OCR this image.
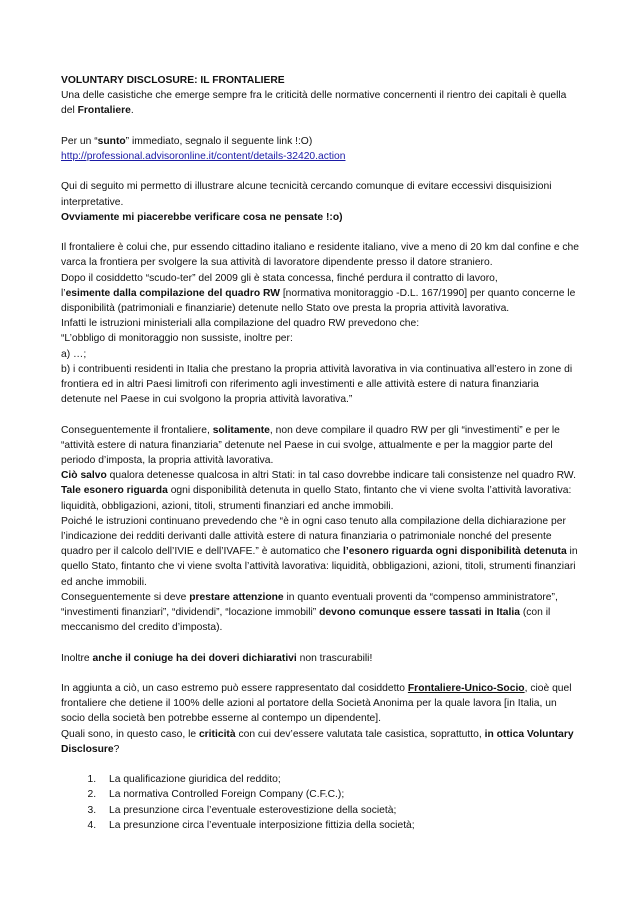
VOLUNTARY DISCLOSURE: IL FRONTALIERE

Una delle casistiche che emerge sempre fra le criticità delle normative concernenti il rientro dei capitali è quella del Frontaliere.

Per un “sunto” immediato, segnalo il seguente link !:O)

http://professional.advisoronline.it/content/details-32420.action

Qui di seguito mi permetto di illustrare alcune tecnicità cercando comunque di evitare eccessivi disquisizioni interpretative.

Ovviamente mi piacerebbe verificare cosa ne pensate !:o)

Il frontaliere è colui che, pur essendo cittadino italiano e residente italiano, vive a meno di 20 km dal confine e che varca la frontiera per svolgere la sua attività di lavoratore dipendente presso il datore straniero.

Dopo il cosiddetto “scudo-ter” del 2009 gli è stata concessa, finché perdura il contratto di lavoro,

l’esimente dalla compilazione del quadro RW [normativa monitoraggio -D.L. 167/1990] per quanto concerne le disponibilità (patrimoniali e finanziarie) detenute nello Stato ove presta la propria attività lavorativa.

Infatti le istruzioni ministeriali alla compilazione del quadro RW prevedono che:

“L’obbligo di monitoraggio non sussiste, inoltre per:

a) …;

b) i contribuenti residenti in Italia che prestano la propria attività lavorativa in via continuativa all’estero in zone di frontiera ed in altri Paesi limitrofi con riferimento agli investimenti e alle attività estere di natura finanziaria detenute nel Paese in cui svolgono la propria attività lavorativa.”

Conseguentemente il frontaliere, solitamente, non deve compilare il quadro RW per gli “investimenti” e per le “attività estere di natura finanziaria” detenute nel Paese in cui svolge, attualmente e per la maggior parte del periodo d’imposta, la propria attività lavorativa.

Ciò salvo qualora detenesse qualcosa in altri Stati: in tal caso dovrebbe indicare tali consistenze nel quadro RW.

Tale esonero riguarda ogni disponibilità detenuta in quello Stato, fintanto che vi viene svolta l’attività lavorativa: liquidità, obbligazioni, azioni, titoli, strumenti finanziari ed anche immobili.

Poiché le istruzioni continuano prevedendo che “è in ogni caso tenuto alla compilazione della dichiarazione per l’indicazione dei redditi derivanti dalle attività estere di natura finanziaria o patrimoniale nonché del presente quadro per il calcolo dell’IVIE e dell’IVAFE.” è automatico che l’esonero riguarda ogni disponibilità detenuta in quello Stato, fintanto che vi viene svolta l’attività lavorativa: liquidità, obbligazioni, azioni, titoli, strumenti finanziari ed anche immobili.

Conseguentemente si deve prestare attenzione in quanto eventuali proventi da “compenso amministratore”, “investimenti finanziari”, “dividendi”, “locazione immobili” devono comunque essere tassati in Italia (con il meccanismo del credito d’imposta).

Inoltre anche il coniuge ha dei doveri dichiarativi non trascurabili!

In aggiunta a ciò, un caso estremo può essere rappresentato dal cosiddetto Frontaliere-Unico-Socio, cioè quel frontaliere che detiene il 100% delle azioni al portatore della Società Anonima per la quale lavora [in Italia, un socio della società ben potrebbe esserne al contempo un dipendente].

Quali sono, in questo caso, le criticità con cui dev’essere valutata tale casistica, soprattutto, in ottica Voluntary Disclosure?

1. La qualificazione giuridica del reddito;
2. La normativa Controlled Foreign Company (C.F.C.);
3. La presunzione circa l’eventuale esterovestizione della società;
4. La presunzione circa l’eventuale interposizione fittizia della società;
